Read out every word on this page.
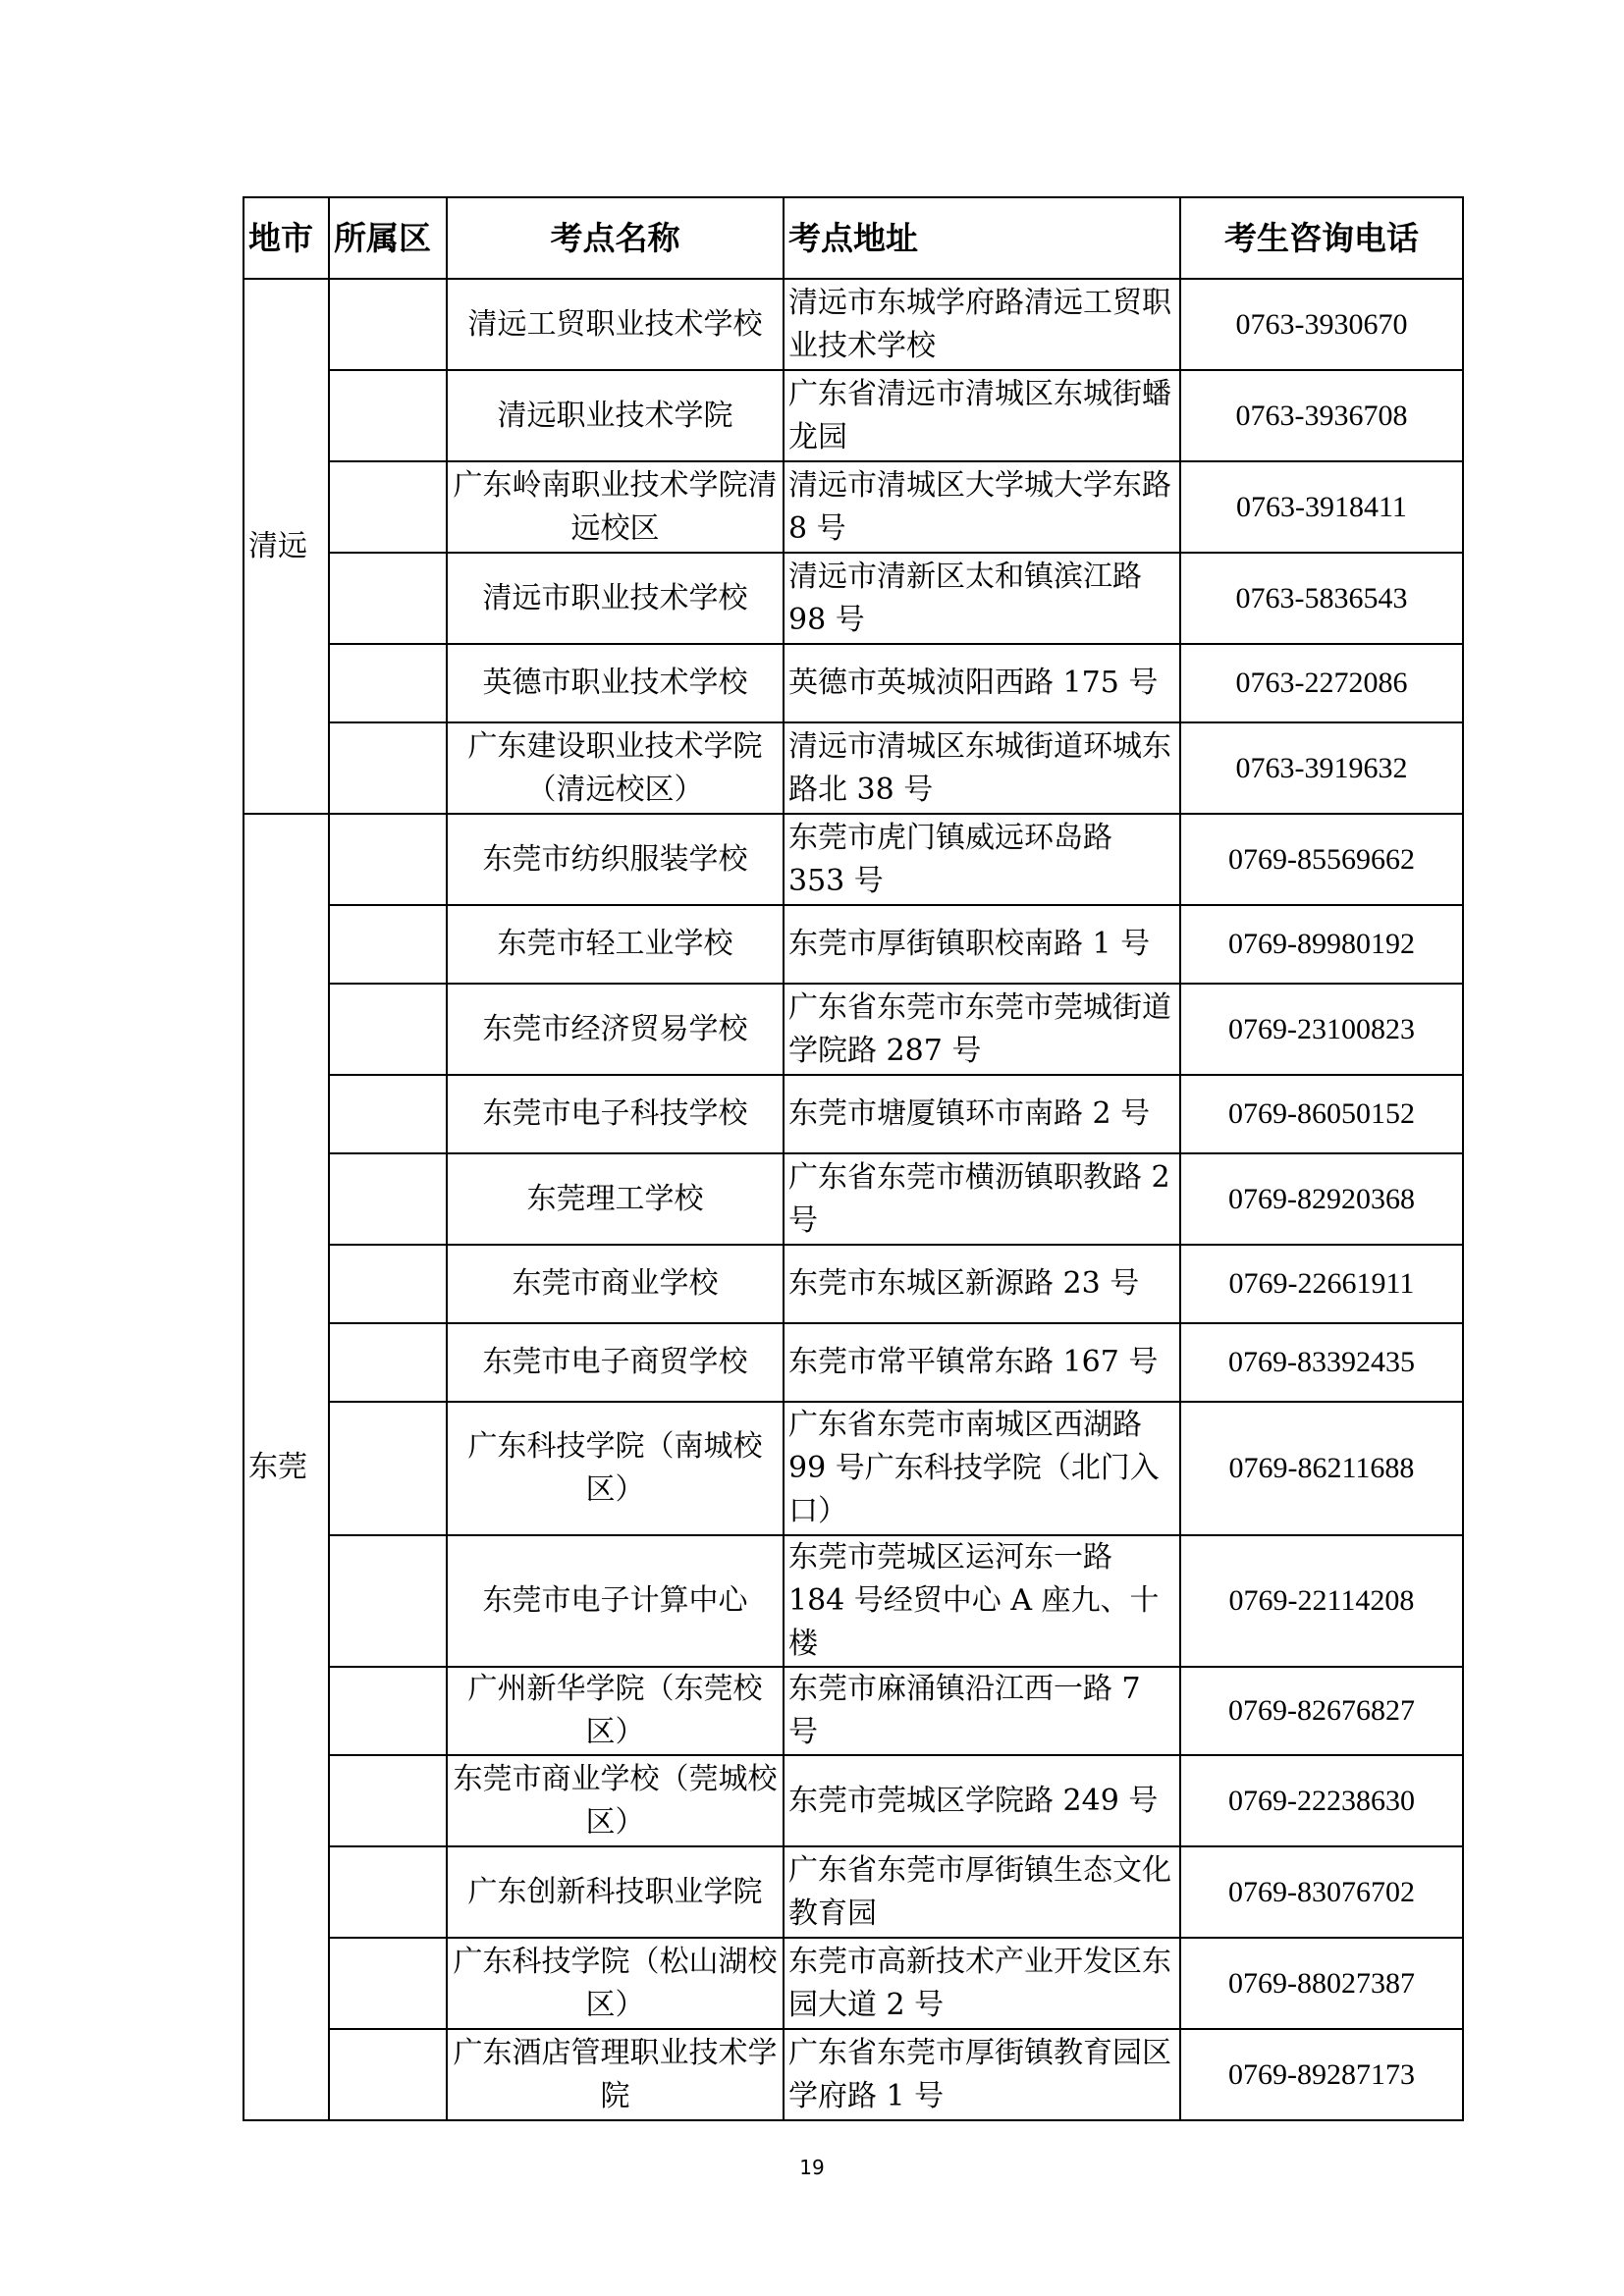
地市	所属区	考点名称	考点地址	考生咨询电话
清远		清远工贸职业技术学校	清远市东城学府路清远工贸职业技术学校	0763-3930670
		清远职业技术学院	广东省清远市清城区东城街蟠龙园	0763-3936708
		广东岭南职业技术学院清远校区	清远市清城区大学城大学东路 8 号	0763-3918411
		清远市职业技术学校	清远市清新区太和镇滨江路 98 号	0763-5836543
		英德市职业技术学校	英德市英城浈阳西路 175 号	0763-2272086
		广东建设职业技术学院（清远校区）	清远市清城区东城街道环城东路北 38 号	0763-3919632
东莞		东莞市纺织服装学校	东莞市虎门镇威远环岛路 353 号	0769-85569662
		东莞市轻工业学校	东莞市厚街镇职校南路 1 号	0769-89980192
		东莞市经济贸易学校	广东省东莞市东莞市莞城街道学院路 287 号	0769-23100823
		东莞市电子科技学校	东莞市塘厦镇环市南路 2 号	0769-86050152
		东莞理工学校	广东省东莞市横沥镇职教路 2 号	0769-82920368
		东莞市商业学校	东莞市东城区新源路 23 号	0769-22661911
		东莞市电子商贸学校	东莞市常平镇常东路 167 号	0769-83392435
		广东科技学院（南城校区）	广东省东莞市南城区西湖路 99 号广东科技学院（北门入口）	0769-86211688
		东莞市电子计算中心	东莞市莞城区运河东一路 184 号经贸中心 A 座九、十楼	0769-22114208
		广州新华学院（东莞校区）	东莞市麻涌镇沿江西一路 7 号	0769-82676827
		东莞市商业学校（莞城校区）	东莞市莞城区学院路 249 号	0769-22238630
		广东创新科技职业学院	广东省东莞市厚街镇生态文化教育园	0769-83076702
		广东科技学院（松山湖校区）	东莞市高新技术产业开发区东园大道 2 号	0769-88027387
		广东酒店管理职业技术学院	广东省东莞市厚街镇教育园区学府路 1 号	0769-89287173
19
